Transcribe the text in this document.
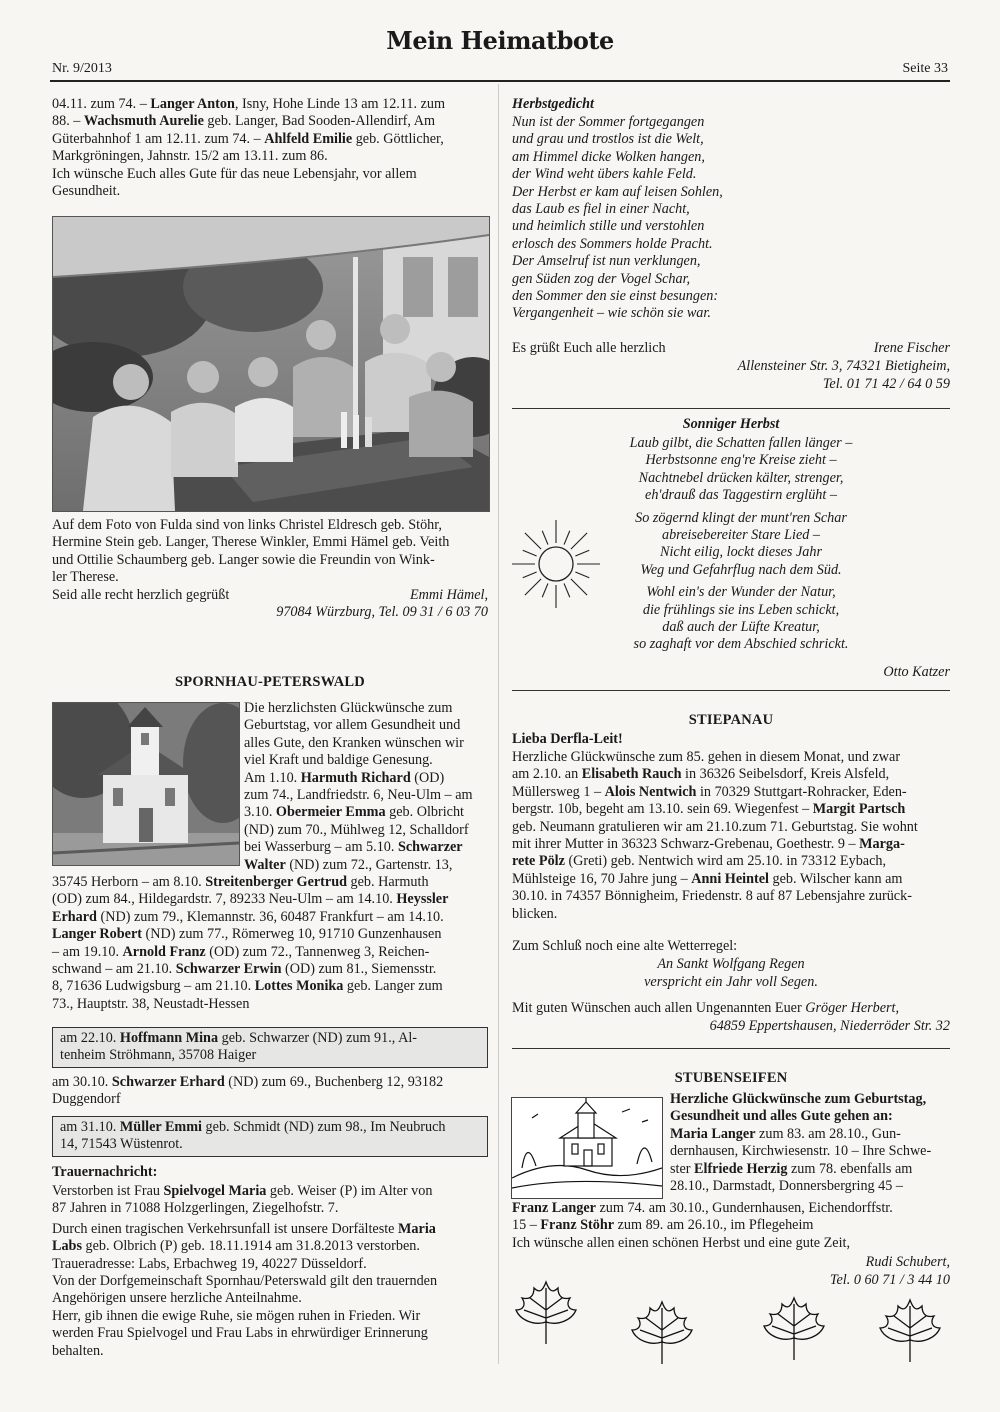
Nr. 9/2013
Mein Heimatbote
Seite 33

04.11. zum 74. – Langer Anton, Isny, Hohe Linde 13 am 12.11. zum

88. – Wachsmuth Aurelie geb. Langer, Bad Sooden-Allendirf, Am

Güterbahnhof 1 am 12.11. zum 74. – Ahlfeld Emilie geb. Göttlicher,

Markgröningen, Jahnstr. 15/2 am 13.11. zum 86.

Ich wünsche Euch alles Gute für das neue Lebensjahr, vor allem

Gesundheit.

Auf dem Foto von Fulda sind von links Christel Eldresch geb. Stöhr,

Hermine Stein geb. Langer, Therese Winkler, Emmi Hämel geb. Veith

und Ottilie Schaumberg geb. Langer sowie die Freundin von Wink-

ler Therese.

Seid alle recht herzlich gegrüßt	Emmi Hämel,

97084 Würzburg, Tel. 09 31 / 6 03 70

SPORNHAU-PETERSWALD

Die herzlichsten Glückwünsche zum

Geburtstag, vor allem Gesundheit und

alles Gute, den Kranken wünschen wir

viel Kraft und baldige Genesung.

Am 1.10. Harmuth Richard (OD)

zum 74., Landfriedstr. 6, Neu-Ulm – am

3.10. Obermeier Emma geb. Olbricht

(ND) zum 70., Mühlweg 12, Schalldorf

bei Wasserburg – am 5.10. Schwarzer

Walter (ND) zum 72., Gartenstr. 13,

35745 Herborn – am 8.10. Streitenberger Gertrud geb. Harmuth

(OD) zum 84., Hildegardstr. 7, 89233 Neu-Ulm – am 14.10. Heyssler

Erhard (ND) zum 79., Klemannstr. 36, 60487 Frankfurt – am 14.10.

Langer Robert (ND) zum 77., Römerweg 10, 91710 Gunzenhausen

– am 19.10. Arnold Franz (OD) zum 72., Tannenweg 3, Reichen-

schwand – am 21.10. Schwarzer Erwin (OD) zum 81., Siemensstr.

8, 71636 Ludwigsburg – am 21.10. Lottes Monika geb. Langer zum

73., Hauptstr. 38, Neustadt-Hessen

am 22.10. Hoffmann Mina geb. Schwarzer (ND) zum 91., Al-

tenheim Ströhmann, 35708 Haiger

am 30.10. Schwarzer Erhard (ND) zum 69., Buchenberg 12, 93182

Duggendorf

am 31.10. Müller Emmi geb. Schmidt (ND) zum 98., Im Neubruch

14, 71543 Wüstenrot.

Trauernachricht:

Verstorben ist Frau Spielvogel Maria geb. Weiser (P) im Alter von

87 Jahren in 71088 Holzgerlingen, Ziegelhofstr. 7.

Durch einen tragischen Verkehrsunfall ist unsere Dorfälteste Maria

Labs geb. Olbrich (P) geb. 18.11.1914 am 31.8.2013 verstorben.

Traueradresse: Labs, Erbachweg 19, 40227 Düsseldorf.

Von der Dorfgemeinschaft Spornhau/Peterswald gilt den trauernden

Angehörigen unsere herzliche Anteilnahme.

Herr, gib ihnen die ewige Ruhe, sie mögen ruhen in Frieden. Wir

werden Frau Spielvogel und Frau Labs in ehrwürdiger Erinnerung

behalten.

Herbstgedicht

Nun ist der Sommer fortgegangen

und grau und trostlos ist die Welt,

am Himmel dicke Wolken hangen,

der Wind weht übers kahle Feld.

Der Herbst er kam auf leisen Sohlen,

das Laub es fiel in einer Nacht,

und heimlich stille und verstohlen

erlosch des Sommers holde Pracht.

Der Amselruf ist nun verklungen,

gen Süden zog der Vogel Schar,

den Sommer den sie einst besungen:

Vergangenheit – wie schön sie war.

Es grüßt Euch alle herzlich	Irene Fischer
Allensteiner Str. 3, 74321 Bietigheim,
Tel. 01 71 42 / 64 0 59
Sonniger Herbst

Laub gilbt, die Schatten fallen länger –

Herbstsonne eng're Kreise zieht –

Nachtnebel drücken kälter, strenger,

eh'drauß das Taggestirn erglüht –

So zögernd klingt der munt'ren Schar

abreisebereiter Stare Lied –

Nicht eilig, lockt dieses Jahr

Weg und Gefahrflug nach dem Süd.

Wohl ein's der Wunder der Natur,

die frühlings sie ins Leben schickt,

daß auch der Lüfte Kreatur,

so zaghaft vor dem Abschied schrickt.

Otto Katzer
STIEPANAU
Lieba Derfla-Leit!

Herzliche Glückwünsche zum 85. gehen in diesem Monat, und zwar

am 2.10. an Elisabeth Rauch in 36326 Seibelsdorf, Kreis Alsfeld,

Müllersweg 1 – Alois Nentwich in 70329 Stuttgart-Rohracker, Eden-

bergstr. 10b, begeht am 13.10. sein 69. Wiegenfest – Margit Partsch

geb. Neumann gratulieren wir am 21.10.zum 71. Geburtstag. Sie wohnt

mit ihrer Mutter in 36323 Schwarz-Grebenau, Goethestr. 9 – Marga-

rete Pölz (Greti) geb. Nentwich wird am 25.10. in 73312 Eybach,

Mühlsteige 16, 70 Jahre jung – Anni Heintel geb. Wilscher kann am

30.10. in 74357 Bönnigheim, Friedenstr. 8 auf 87 Lebensjahre zurück-

blicken.

Zum Schluß noch eine alte Wetterregel:
An Sankt Wolfgang Regen
verspricht ein Jahr voll Segen.
Mit guten Wünschen auch allen Ungenannten Euer Gröger Herbert,
64859 Eppertshausen, Niederröder Str. 32
STUBENSEIFEN

Herzliche Glückwünsche zum Geburtstag,

Gesundheit und alles Gute gehen an:

Maria Langer zum 83. am 28.10., Gun-

dernhausen, Kirchwiesenstr. 10 – Ihre Schwe-

ster Elfriede Herzig zum 78. ebenfalls am

28.10., Darmstadt, Donnersbergring 45 –

Franz Langer zum 74. am 30.10., Gundernhausen, Eichendorffstr.

15 – Franz Stöhr zum 89. am 26.10., im Pflegeheim

Ich wünsche allen einen schönen Herbst und eine gute Zeit,

Rudi Schubert,
Tel. 0 60 71 / 3 44 10
